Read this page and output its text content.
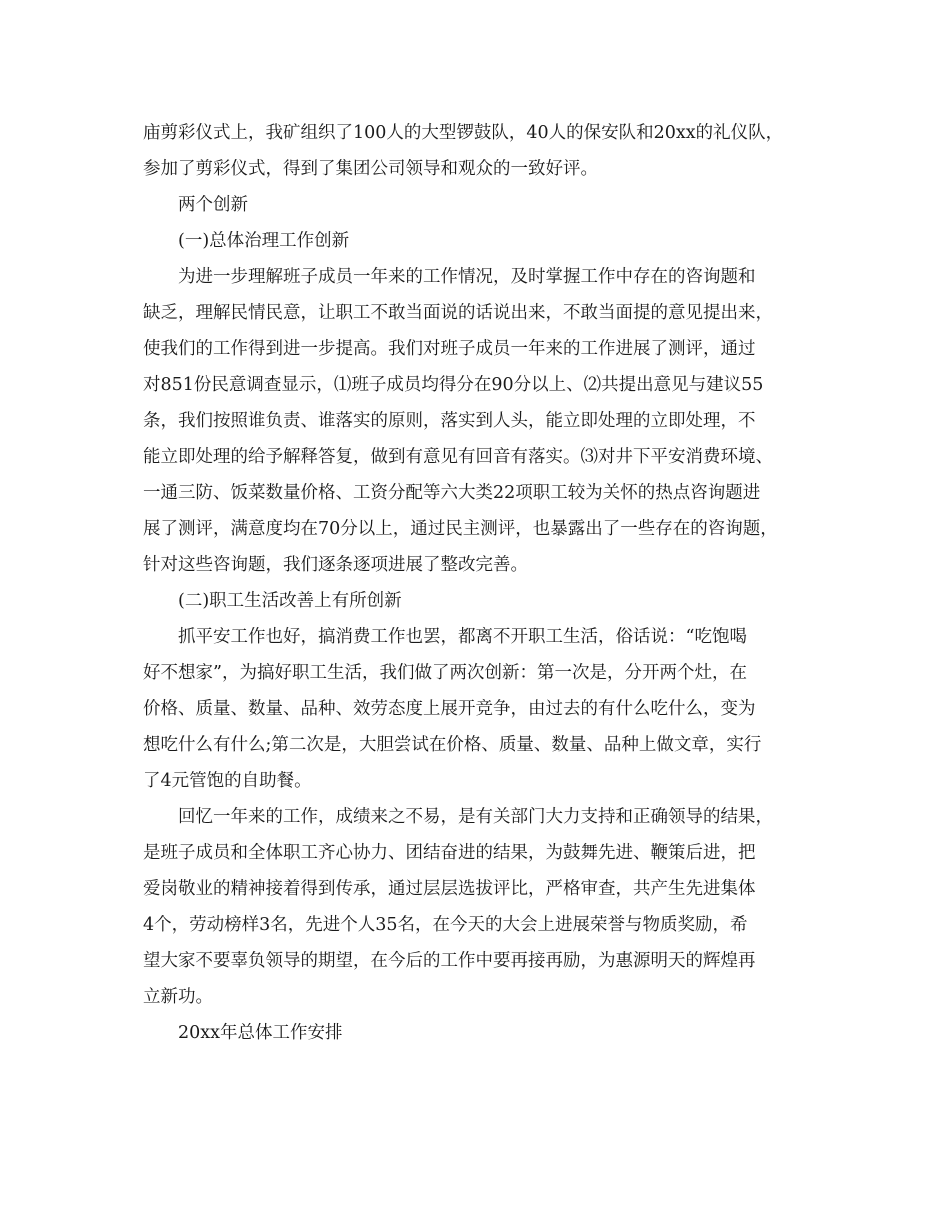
庙剪彩仪式上，我矿组织了100人的大型锣鼓队，40人的保安队和20xx的礼仪队，
参加了剪彩仪式，得到了集团公司领导和观众的一致好评。
两个创新
(一)总体治理工作创新
为进一步理解班子成员一年来的工作情况，及时掌握工作中存在的咨询题和
缺乏，理解民情民意，让职工不敢当面说的话说出来，不敢当面提的意见提出来，
使我们的工作得到进一步提高。我们对班子成员一年来的工作进展了测评，通过
对851份民意调查显示，⑴班子成员均得分在90分以上、⑵共提出意见与建议55
条，我们按照谁负责、谁落实的原则，落实到人头，能立即处理的立即处理，不
能立即处理的给予解释答复，做到有意见有回音有落实。⑶对井下平安消费环境、
一通三防、饭菜数量价格、工资分配等六大类22项职工较为关怀的热点咨询题进
展了测评，满意度均在70分以上，通过民主测评，也暴露出了一些存在的咨询题，
针对这些咨询题，我们逐条逐项进展了整改完善。
(二)职工生活改善上有所创新
抓平安工作也好，搞消费工作也罢，都离不开职工生活，俗话说：“吃饱喝
好不想家”，为搞好职工生活，我们做了两次创新：第一次是，分开两个灶，在
价格、质量、数量、品种、效劳态度上展开竞争，由过去的有什么吃什么，变为
想吃什么有什么;第二次是，大胆尝试在价格、质量、数量、品种上做文章，实行
了4元管饱的自助餐。
回忆一年来的工作，成绩来之不易，是有关部门大力支持和正确领导的结果，
是班子成员和全体职工齐心协力、团结奋进的结果，为鼓舞先进、鞭策后进，把
爱岗敬业的精神接着得到传承，通过层层选拔评比，严格审查，共产生先进集体
4个，劳动榜样3名，先进个人35名，在今天的大会上进展荣誉与物质奖励，希
望大家不要辜负领导的期望，在今后的工作中要再接再励，为惠源明天的辉煌再
立新功。
20xx年总体工作安排
